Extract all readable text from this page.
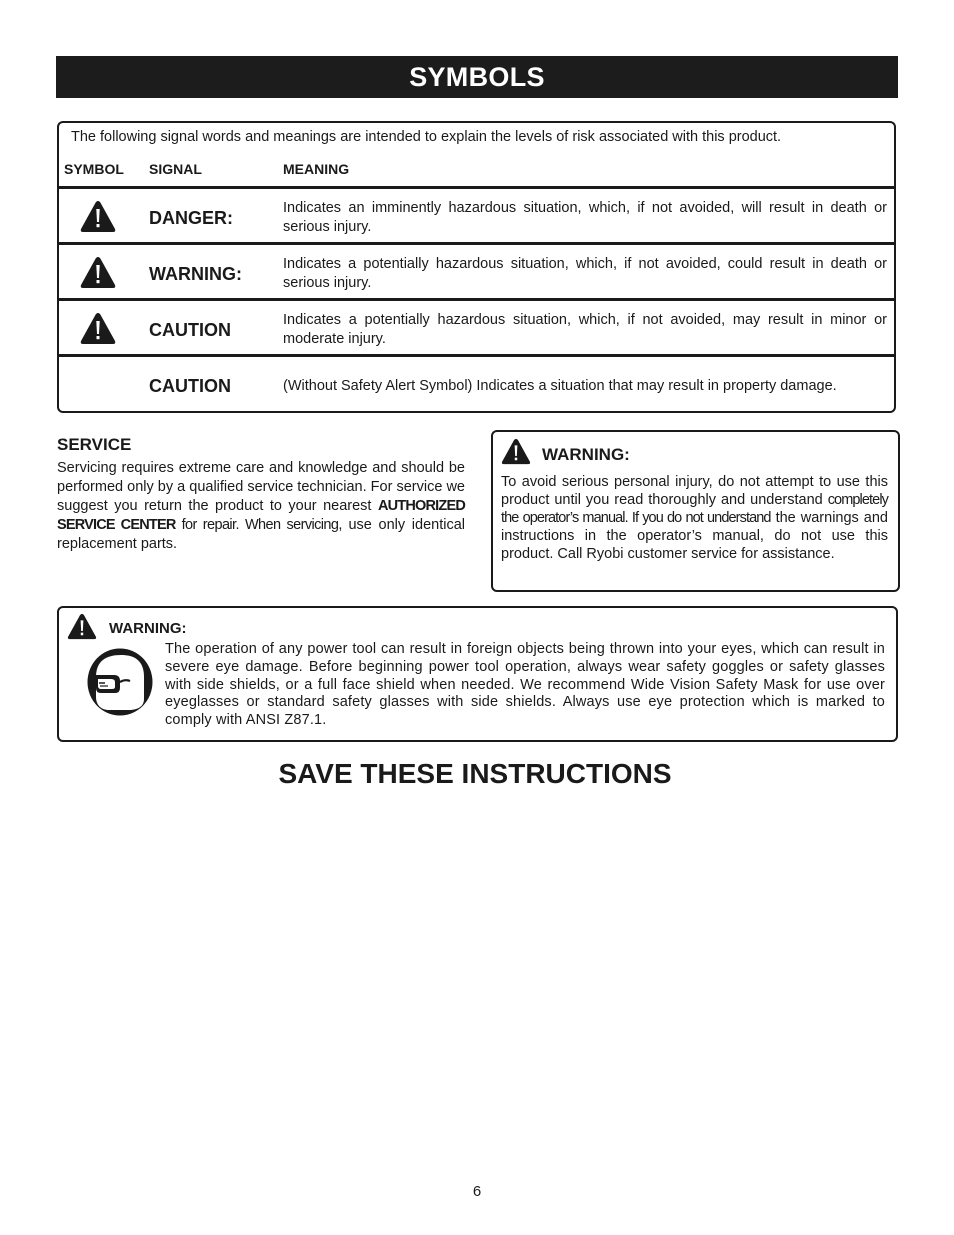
SYMBOLS
The following signal words and meanings are intended to explain the levels of risk associated with this product.
SYMBOL SIGNAL	MEANING
DANGER:	Indicates an imminently hazardous situation, which, if not avoided, will result in death or serious injury.
WARNING:	Indicates a potentially hazardous situation, which, if not avoided, could result in death or serious injury.
CAUTION	Indicates a potentially hazardous situation, which, if not avoided, may result in minor or moderate injury.
CAUTION	(Without Safety Alert Symbol) Indicates a situation that may result in property damage.
SERVICE
Servicing requires extreme care and knowledge and should be performed only by a qualified service technician. For service we suggest you return the product to your nearest AUTHORIZED SERVICE CENTER for repair. When servicing, use only identical replacement parts.
WARNING:
To avoid serious personal injury, do not attempt to use this product until you read thoroughly and understand completely the operator’s manual. If you do not understand the warnings and instructions in the operator’s manual, do not use this product. Call Ryobi customer service for assistance.
WARNING:
The operation of any power tool can result in foreign objects being thrown into your eyes, which can result in severe eye damage. Before beginning power tool operation, always wear safety goggles or safety glasses with side shields, or a full face shield when needed. We recommend Wide Vision Safety Mask for use over eyeglasses or standard safety glasses with side shields. Always use eye protection which is marked to comply with ANSI Z87.1.
SAVE THESE INSTRUCTIONS
6
